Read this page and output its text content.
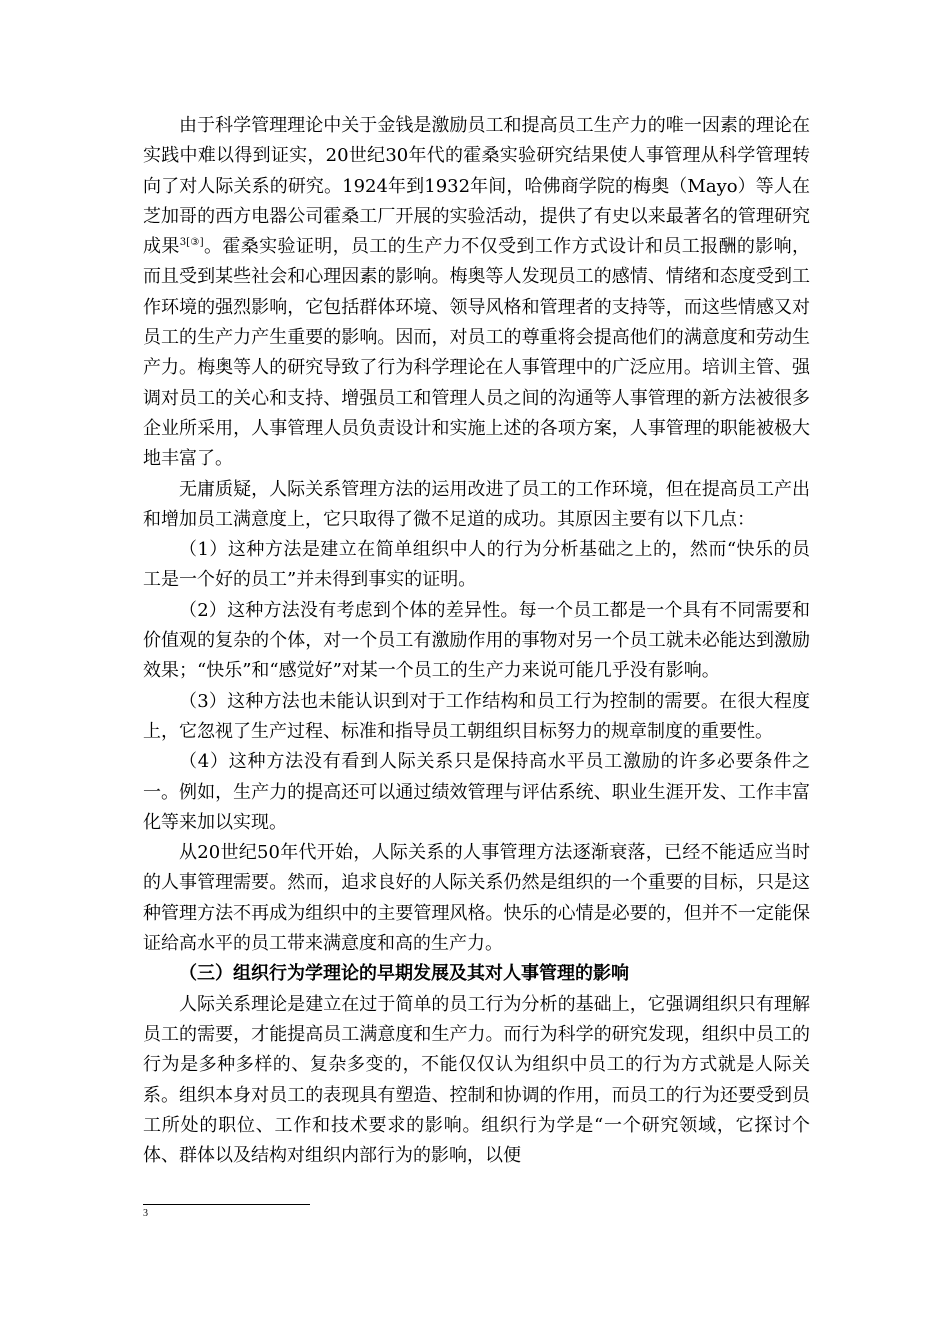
由于科学管理理论中关于金钱是激励员工和提高员工生产力的唯一因素的理论在实践中难以得到证实，20世纪30年代的霍桑实验研究结果使人事管理从科学管理转向了对人际关系的研究。1924年到1932年间，哈佛商学院的梅奥（Mayo）等人在芝加哥的西方电器公司霍桑工厂开展的实验活动，提供了有史以来最著名的管理研究成果$^{3[③]}$。霍桑实验证明，员工的生产力不仅受到工作方式设计和员工报酬的影响，而且受到某些社会和心理因素的影响。梅奥等人发现员工的感情、情绪和态度受到工作环境的强烈影响，它包括群体环境、领导风格和管理者的支持等，而这些情感又对员工的生产力产生重要的影响。因而，对员工的尊重将会提高他们的满意度和劳动生产力。梅奥等人的研究导致了行为科学理论在人事管理中的广泛应用。培训主管、强调对员工的关心和支持、增强员工和管理人员之间的沟通等人事管理的新方法被很多企业所采用，人事管理人员负责设计和实施上述的各项方案，人事管理的职能被极大地丰富了。

无庸质疑，人际关系管理方法的运用改进了员工的工作环境，但在提高员工产出和增加员工满意度上，它只取得了微不足道的成功。其原因主要有以下几点：

（1）这种方法是建立在简单组织中人的行为分析基础之上的，然而“快乐的员工是一个好的员工”并未得到事实的证明。

（2）这种方法没有考虑到个体的差异性。每一个员工都是一个具有不同需要和价值观的复杂的个体，对一个员工有激励作用的事物对另一个员工就未必能达到激励效果；“快乐”和“感觉好”对某一个员工的生产力来说可能几乎没有影响。

（3）这种方法也未能认识到对于工作结构和员工行为控制的需要。在很大程度上，它忽视了生产过程、标准和指导员工朝组织目标努力的规章制度的重要性。

（4）这种方法没有看到人际关系只是保持高水平员工激励的许多必要条件之一。例如，生产力的提高还可以通过绩效管理与评估系统、职业生涯开发、工作丰富化等来加以实现。

从20世纪50年代开始，人际关系的人事管理方法逐渐衰落，已经不能适应当时的人事管理需要。然而，追求良好的人际关系仍然是组织的一个重要的目标，只是这种管理方法不再成为组织中的主要管理风格。快乐的心情是必要的，但并不一定能保证给高水平的员工带来满意度和高的生产力。

（三）组织行为学理论的早期发展及其对人事管理的影响

人际关系理论是建立在过于简单的员工行为分析的基础上，它强调组织只有理解员工的需要，才能提高员工满意度和生产力。而行为科学的研究发现，组织中员工的行为是多种多样的、复杂多变的，不能仅仅认为组织中员工的行为方式就是人际关系。组织本身对员工的表现具有塑造、控制和协调的作用，而员工的行为还要受到员工所处的职位、工作和技术要求的影响。组织行为学是“一个研究领域，它探讨个体、群体以及结构对组织内部行为的影响，以便

3
